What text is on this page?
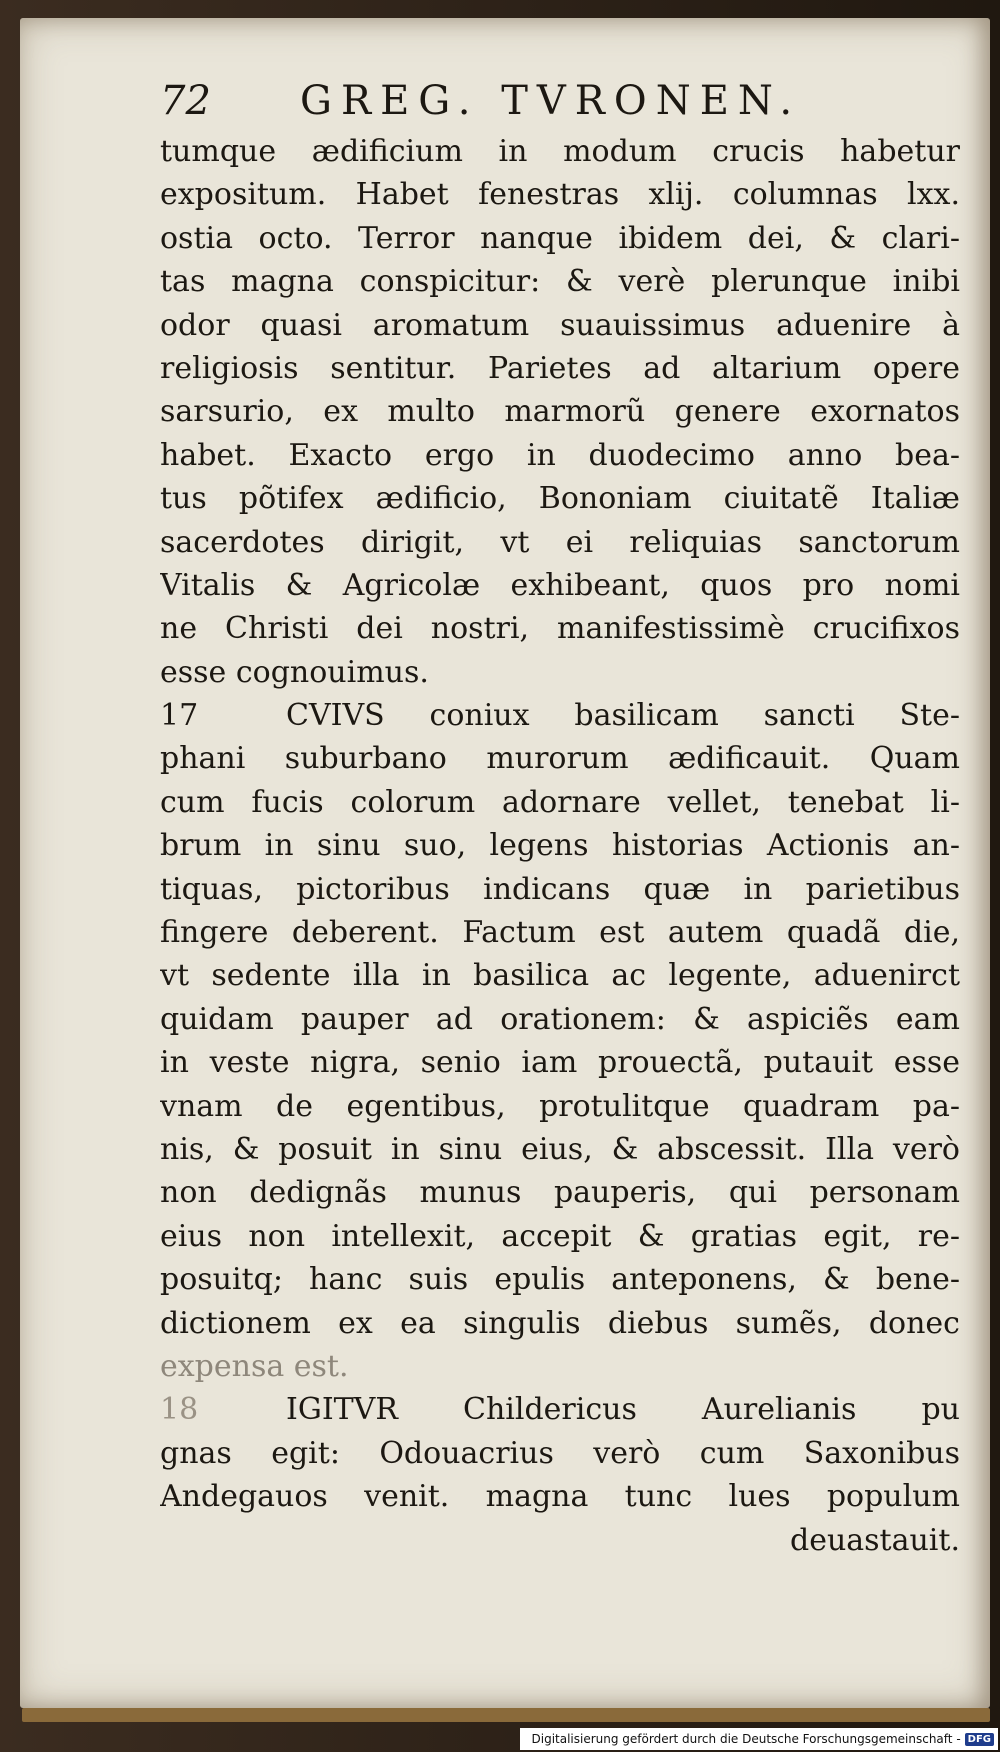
72 GREG. TVRONEN.
tumque ædificium in modum crucis habetur
expositum. Habet fenestras xlij. columnas lxx.
ostia octo. Terror nanque ibidem dei, & clari-
tas magna conspicitur: & verè plerunque inibi
odor quasi aromatum suauissimus aduenire à
religiosis sentitur. Parietes ad altarium opere
sarsurio, ex multo marmorũ genere exornatos
habet. Exacto ergo in duodecimo anno bea-
tus põtifex ædificio, Bononiam ciuitatẽ Italiæ
sacerdotes dirigit, vt ei reliquias sanctorum
Vitalis & Agricolæ exhibeant, quos pro nomi
ne Christi dei nostri, manifestissimè crucifixos
esse cognouimus.
17	CVIVS coniux basilicam sancti Ste-
phani suburbano murorum ædificauit. Quam
cum fucis colorum adornare vellet, tenebat li-
brum in sinu suo, legens historias Actionis an-
tiquas, pictoribus indicans quæ in parietibus
fingere deberent. Factum est autem quadã die,
vt sedente illa in basilica ac legente, aduenirct
quidam pauper ad orationem: & aspiciẽs eam
in veste nigra, senio iam prouectã, putauit esse
vnam de egentibus, protulitque quadram pa-
nis, & posuit in sinu eius, & abscessit. Illa verò
non dedignãs munus pauperis, qui personam
eius non intellexit, accepit & gratias egit, re-
posuitq; hanc suis epulis anteponens, & bene-
dictionem ex ea singulis diebus sumẽs, donec
expensa est.
18	IGITVR Childericus Aurelianis pu
gnas egit: Odouacrius verò cum Saxonibus
Andegauos venit. magna tunc lues populum
deuastauit.
Digitalisierung gefördert durch die Deutsche Forschungsgemeinschaft - DFG
